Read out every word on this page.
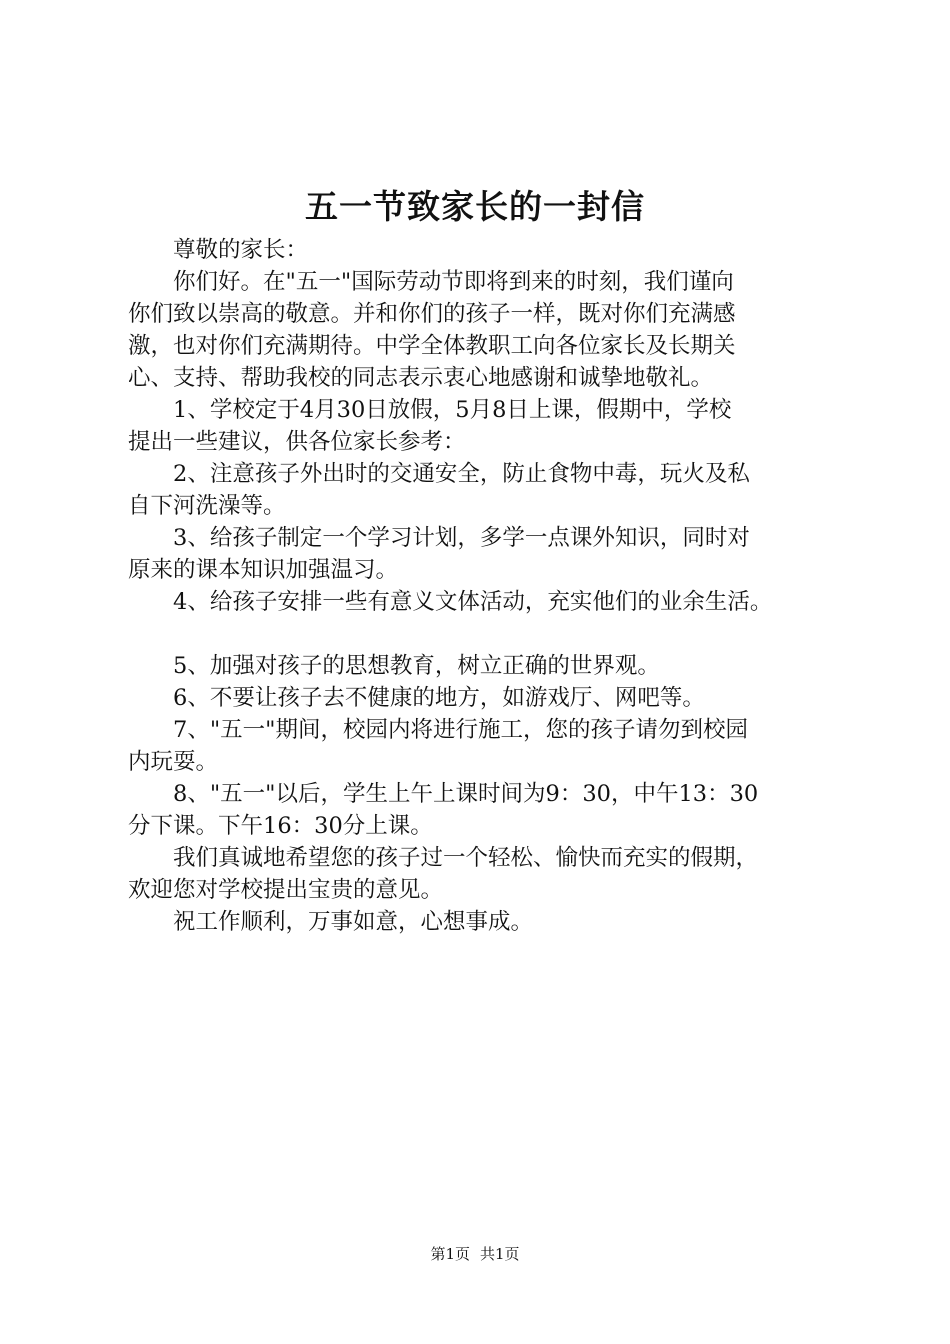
五一节致家长的一封信

尊敬的家长：

你们好。在"五一"国际劳动节即将到来的时刻，我们谨向

你们致以崇高的敬意。并和你们的孩子一样，既对你们充满感

激，也对你们充满期待。中学全体教职工向各位家长及长期关

心、支持、帮助我校的同志表示衷心地感谢和诚挚地敬礼。

1、学校定于4月30日放假，5月8日上课，假期中，学校

提出一些建议，供各位家长参考：

2、注意孩子外出时的交通安全，防止食物中毒，玩火及私

自下河洗澡等。

3、给孩子制定一个学习计划，多学一点课外知识，同时对

原来的课本知识加强温习。

4、给孩子安排一些有意义文体活动，充实他们的业余生活。

5、加强对孩子的思想教育，树立正确的世界观。

6、不要让孩子去不健康的地方，如游戏厅、网吧等。

7、"五一"期间，校园内将进行施工，您的孩子请勿到校园

内玩耍。

8、"五一"以后，学生上午上课时间为9：30，中午13：30

分下课。下午16：30分上课。

我们真诚地希望您的孩子过一个轻松、愉快而充实的假期，

欢迎您对学校提出宝贵的意见。

祝工作顺利，万事如意，心想事成。

第1页 共1页
